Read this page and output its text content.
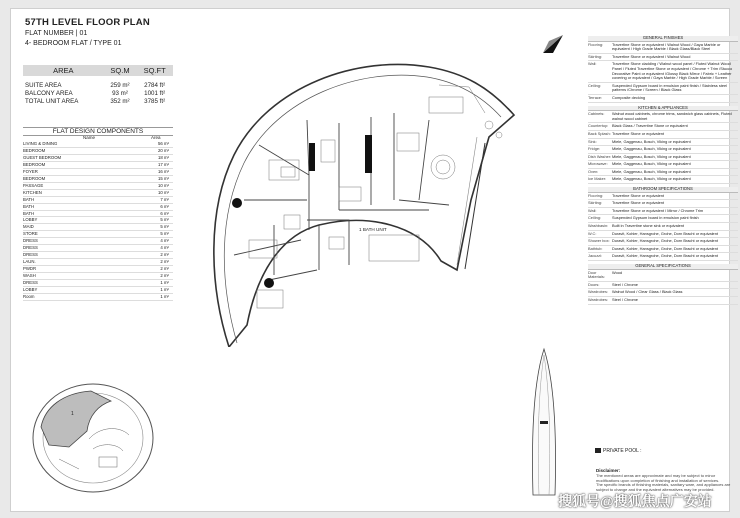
57TH LEVEL FLOOR PLAN
FLAT NUMBER | 01
4- BEDROOM FLAT / TYPE 01
AREA	SQ.M	SQ.FT

SUITE AREA	259 m²	2784 ft²
BALCONY AREA	93 m²	1001 ft²
TOTAL UNIT AREA	352 m²	3785 ft²
FLAT DESIGN COMPONENTS
Name	Area
LIVING & DINING	56 m²
BEDROOM	20 m²
GUEST BEDROOM	18 m²
BEDROOM	17 m²
FOYER	16 m²
BEDROOM	15 m²
PASSAGE	10 m²
KITCHEN	10 m²
BATH	7 m²
BATH	6 m²
BATH	6 m²
LOBBY	5 m²
MAID	5 m²
STORE	5 m²
DRESS	4 m²
DRESS	4 m²
DRESS	2 m²
LAUN.	2 m²
PWDR	2 m²
WASH	2 m²
DRESS	1 m²
LOBBY	1 m²
Room	1 m²
1 BATH UNIT
1
GENERAL FINISHES
Flooring:	Travertine Stone or equivalent / Walnut Wood / Gaya Marble or equivalent / High Grade Marble / Black Glass/Black Steel
Skirting:	Travertine Stone or equivalent / Walnut Wood
Wall:	Travertine Stone cladding / Walnut wood panel / Fluted Walnut Wood Panel / Fluted Travertine Stone or equivalent / Chrome + Trim /Stucco Decorative Paint or equivalent /Glossy Black Mirror / Fabric + Leather covering or equivalent / Gaya Marble / High Grade Marble / Screen
Ceiling:	Suspended Gypsum board in emulsion paint finish / Stainless steel patterns /Chrome / Screen / Black Glass
Terrace:	Composite decking
KITCHEN & APPLIANCES
Cabinets:	Walnut wood cabinets, chrome trims, sandwich glass cabinets, Fluted walnut wood cabinet
Countertop: Black Glass / Travertine Stone or equivalent
Back Splash: Travertine Stone or equivalent
Sink:	Miele, Gaggenau, Bosch, Viking or equivalent
Fridge:	Miele, Gaggenau, Bosch, Viking or equivalent
Dish Washer: Miele, Gaggenau, Bosch, Viking or equivalent
Microwave:	Miele, Gaggenau, Bosch, Viking or equivalent
Oven:	Miele, Gaggenau, Bosch, Viking or equivalent
Ice Maker:	Miele, Gaggenau, Bosch, Viking or equivalent
BATHROOM SPECIFICATIONS
Flooring:	Travertine Stone or equivalent
Skirting:	Travertine Stone or equivalent
Wall:	Travertine Stone or equivalent / Mirror / Chrome Trim
Ceiling:	Suspended Gypsum board in emulsion paint finish
Washbasin: Built in Travertine stone sink or equivalent
W.C:	Duravit, Kohler, Hansgrohe, Grohe, Dorn Bracht or equivalent
Shower box: Duravit, Kohler, Hansgrohe, Grohe, Dorn Bracht or equivalent
Bathtub:	Duravit, Kohler, Hansgrohe, Grohe, Dorn Bracht or equivalent
Jacuzzi:	Duravit, Kohler, Hansgrohe, Grohe, Dorn Bracht or equivalent
GENERAL SPECIFICATIONS
Door Materials:
Wood
Doors:	Steel / Chrome
Wardrobes:	Walnut Wood / Clear Glass / Black Glass
Wardrobes:	Steel / Chrome
PRIVATE POOL :
Disclaimer:
The mentioned areas are approximate and may be subject to minor modifications upon completion of finishing and installation of services.
The specific brands of finishing materials, sanitary ware, and appliances are subject to change and the equivalent alternatives may be provided.
搜狐号@搜狐焦点广安站
